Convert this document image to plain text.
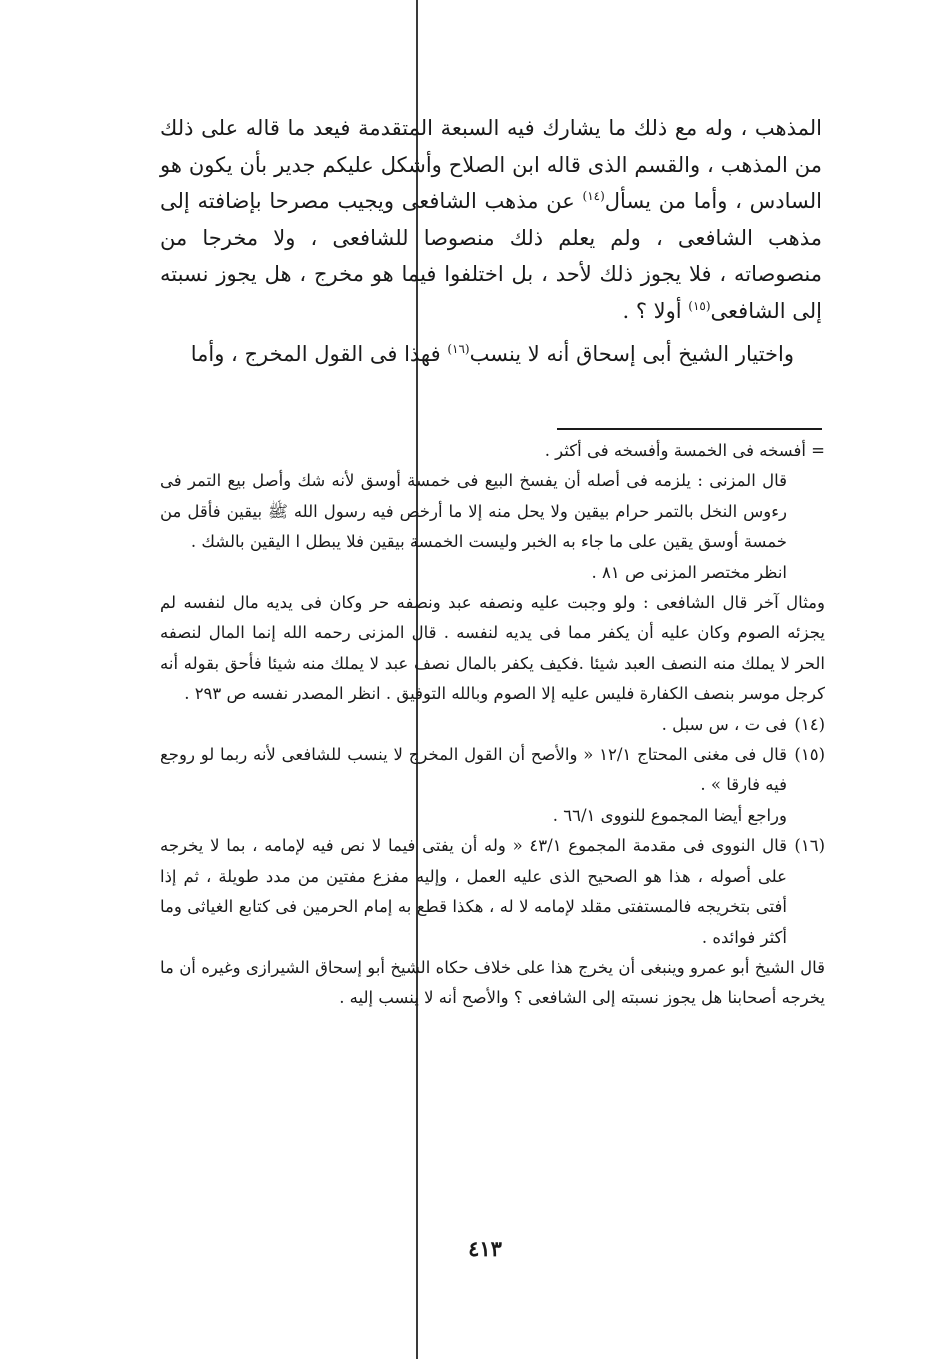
المذهب ، وله مع ذلك ما يشارك فيه السبعة المتقدمة فيعد ما قاله على ذلك من المذهب ، والقسم الذى قاله ابن الصلاح وأشكل عليكم جدير بأن يكون هو السادس ، وأما من يسأل$^{(١٤)}$ عن مذهب الشافعى ويجيب مصرحا بإضافته إلى مذهب الشافعى ، ولم يعلم ذلك منصوصا للشافعى ، ولا مخرجا من منصوصاته ، فلا يجوز ذلك لأحد ، بل اختلفوا فيما هو مخرج ، هل يجوز نسبته إلى الشافعى$^{(١٥)}$ أولا ؟ .

واختيار الشيخ أبى إسحاق أنه لا ينسب$^{(١٦)}$ فهذا فى القول المخرج ، وأما

= أفسخه فى الخمسة وأفسخه فى أكثر .

قال المزنى : يلزمه فى أصله أن يفسخ البيع فى خمسة أوسق لأنه شك وأصل بيع التمر فى رءوس النخل بالتمر حرام بيقين ولا يحل منه إلا ما أرخص فيه رسول الله ﷺ بيقين فأقل من خمسة أوسق يقين على ما جاء به الخبر وليست الخمسة بيقين فلا يبطل ا اليقين بالشك .

انظر مختصر المزنى ص ٨١ .

ومثال آخر قال الشافعى : ولو وجبت عليه ونصفه عبد ونصفه حر وكان فى يديه مال لنفسه لم يجزئه الصوم وكان عليه أن يكفر مما فى يديه لنفسه . قال المزنى رحمه الله إنما المال لنصفه الحر لا يملك منه النصف العبد شيئا .فكيف يكفر بالمال نصف عبد لا يملك منه شيئا فأحق بقوله أنه كرجل موسر بنصف الكفارة فليس عليه إلا الصوم وبالله التوفيق . انظر المصدر نفسه ص ٢٩٣ .

(١٤)
فى ت ، س سبل .

(١٥)
قال فى مغنى المحتاج ١٢/١ « والأصح أن القول المخرج لا ينسب للشافعى لأنه ربما لو روجع فيه فارقا » .

وراجع أيضا المجموع للنووى ٦٦/١ .

(١٦)
قال النووى فى مقدمة المجموع ٤٣/١ « وله أن يفتى فيما لا نص فيه لإمامه ، بما لا يخرجه على أصوله ، هذا هو الصحيح الذى عليه العمل ، وإليه مفزع مفتين من مدد طويلة ، ثم إذا أفتى بتخريجه فالمستفتى مقلد لإمامه لا له ، هكذا قطع به إمام الحرمين فى كتابع الغياثى وما أكثر فوائده .

قال الشيخ أبو عمرو وينبغى أن يخرج هذا على خلاف حكاه الشيخ أبو إسحاق الشيرازى وغيره أن ما يخرجه أصحابنا هل يجوز نسبته إلى الشافعى ؟ والأصح أنه لا ينسب إليه .

٤١٣
